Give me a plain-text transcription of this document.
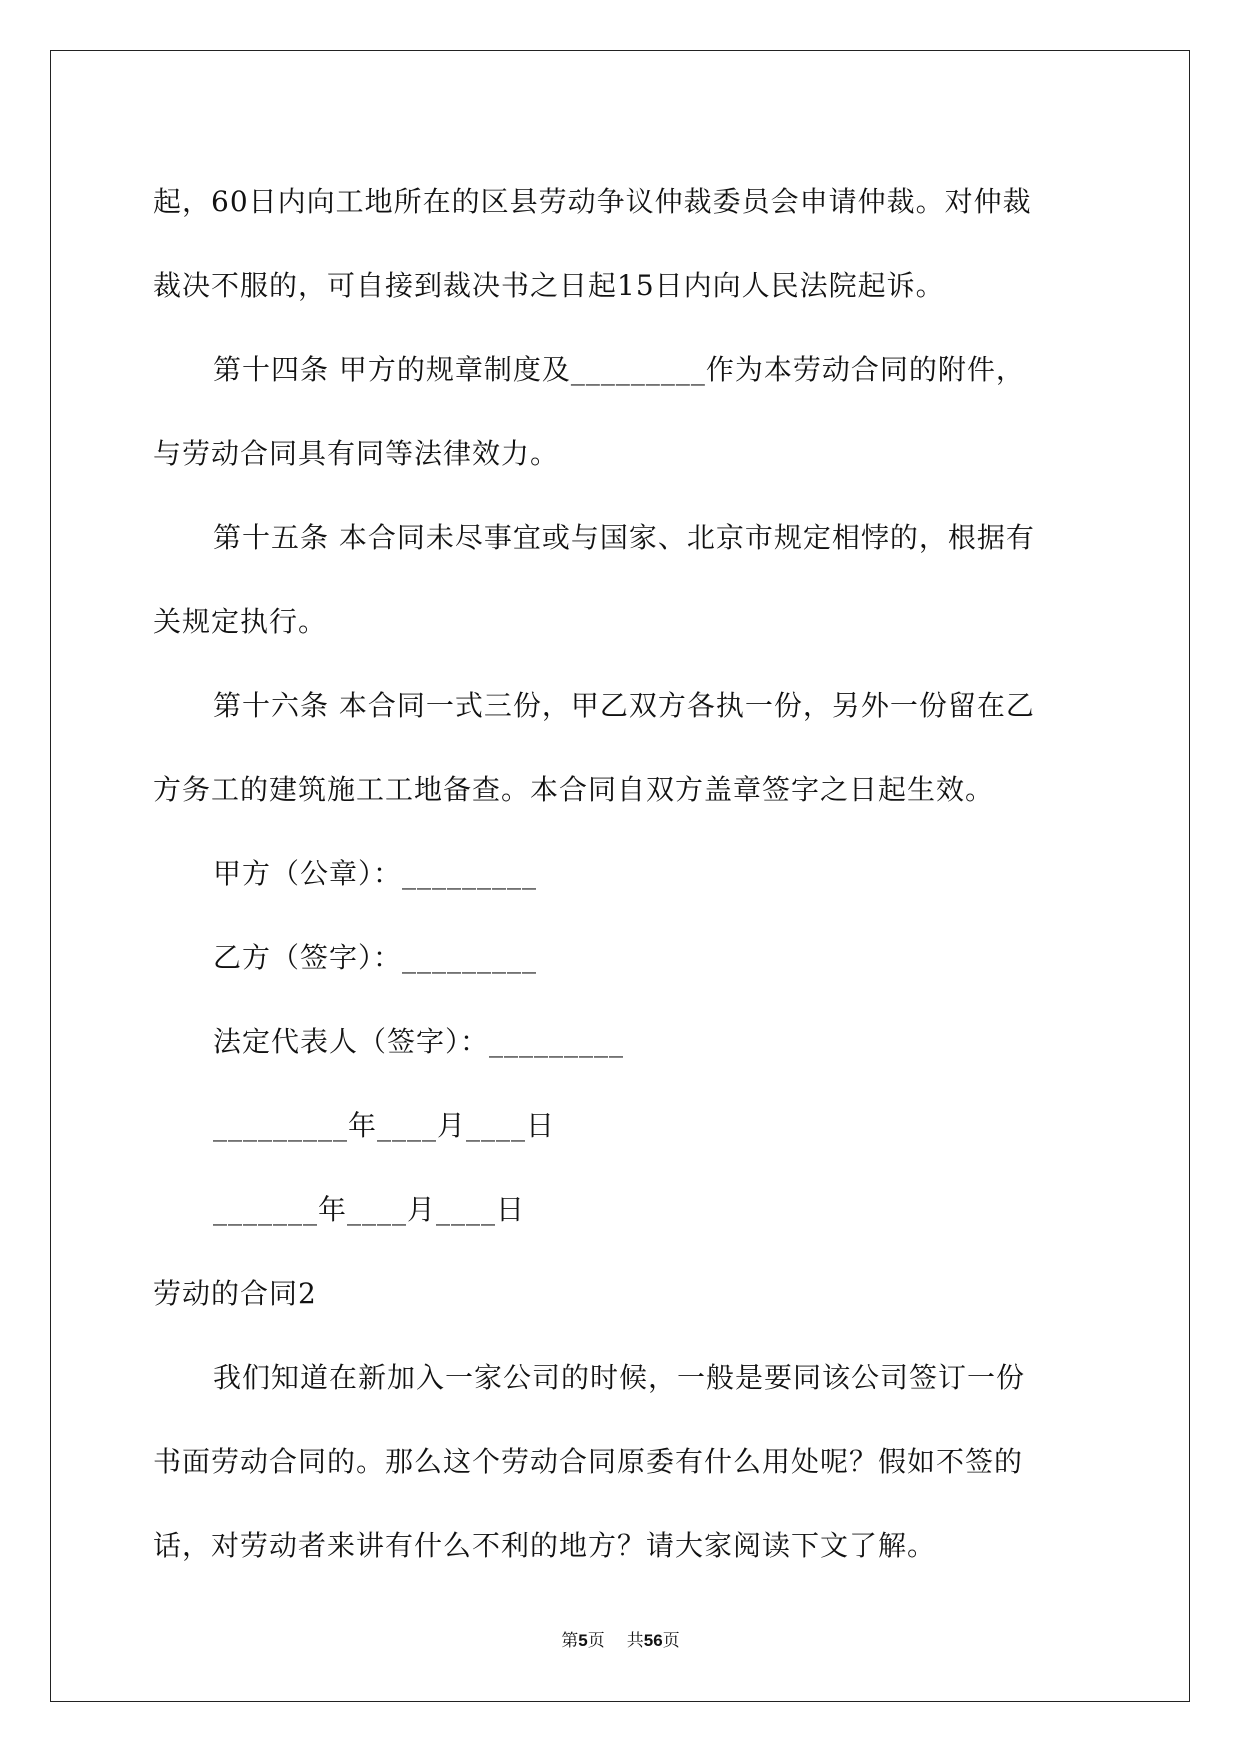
起，60日内向工地所在的区县劳动争议仲裁委员会申请仲裁。对仲裁
裁决不服的，可自接到裁决书之日起15日内向人民法院起诉。
第十四条 甲方的规章制度及_________作为本劳动合同的附件，
与劳动合同具有同等法律效力。
第十五条 本合同未尽事宜或与国家、北京市规定相悖的，根据有
关规定执行。
第十六条 本合同一式三份，甲乙双方各执一份，另外一份留在乙
方务工的建筑施工工地备查。本合同自双方盖章签字之日起生效。
甲方（公章）：_________
乙方（签字）：_________
法定代表人（签字）：_________
_________年____月____日
_______年____月____日
劳动的合同2
我们知道在新加入一家公司的时候，一般是要同该公司签订一份
书面劳动合同的。那么这个劳动合同原委有什么用处呢？假如不签的
话，对劳动者来讲有什么不利的地方？请大家阅读下文了解。
第5页 共56页
